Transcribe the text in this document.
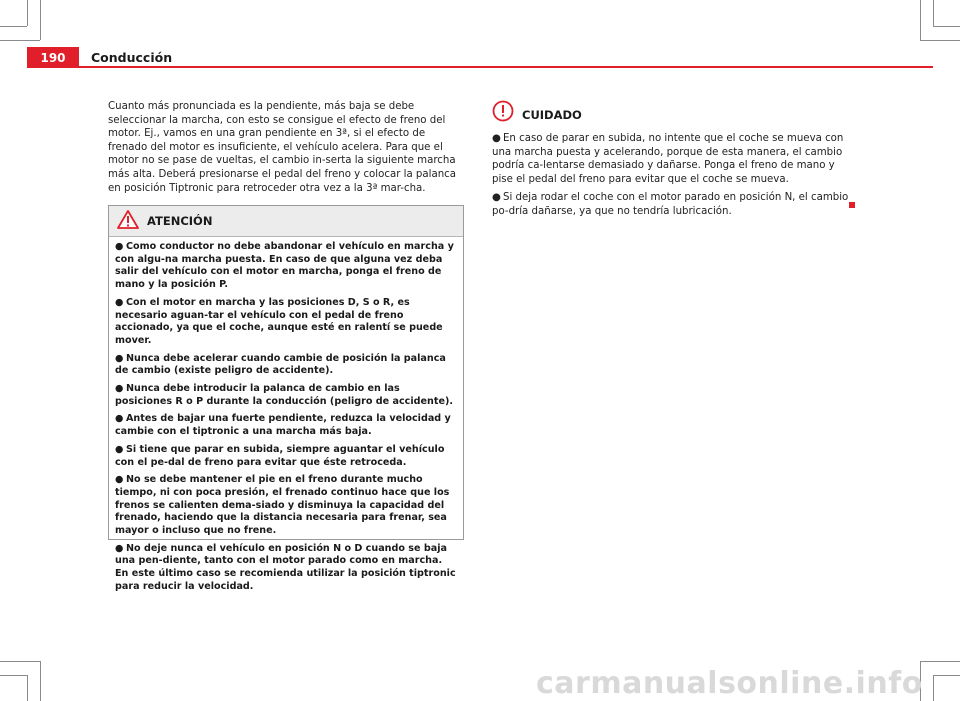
190	Conducción

Cuanto más pronunciada es la pendiente, más baja se debe seleccionar la marcha, con esto se consigue el efecto de freno del motor. Ej., vamos en una gran pendiente en 3ª, si el efecto de frenado del motor es insuficiente, el vehículo acelera. Para que el motor no se pase de vueltas, el cambio in-serta la siguiente marcha más alta. Deberá presionarse el pedal del freno y colocar la palanca en posición Tiptronic para retroceder otra vez a la 3ª mar-cha.

ATENCIÓN

● Como conductor no debe abandonar el vehículo en marcha y con algu-na marcha puesta. En caso de que alguna vez deba salir del vehículo con el motor en marcha, ponga el freno de mano y la posición P.

● Con el motor en marcha y las posiciones D, S o R, es necesario aguan-tar el vehículo con el pedal de freno accionado, ya que el coche, aunque esté en ralentí se puede mover.

● Nunca debe acelerar cuando cambie de posición la palanca de cambio (existe peligro de accidente).

● Nunca debe introducir la palanca de cambio en las posiciones R o P durante la conducción (peligro de accidente).

● Antes de bajar una fuerte pendiente, reduzca la velocidad y cambie con el tiptronic a una marcha más baja.

● Si tiene que parar en subida, siempre aguantar el vehículo con el pe-dal de freno para evitar que éste retroceda.

● No se debe mantener el pie en el freno durante mucho tiempo, ni con poca presión, el frenado continuo hace que los frenos se calienten dema-siado y disminuya la capacidad del frenado, haciendo que la distancia necesaria para frenar, sea mayor o incluso que no frene.

● No deje nunca el vehículo en posición N o D cuando se baja una pen-diente, tanto con el motor parado como en marcha. En este último caso se recomienda utilizar la posición tiptronic para reducir la velocidad.

CUIDADO

● En caso de parar en subida, no intente que el coche se mueva con una marcha puesta y acelerando, porque de esta manera, el cambio podría ca-lentarse demasiado y dañarse. Ponga el freno de mano y pise el pedal del freno para evitar que el coche se mueva.

● Si deja rodar el coche con el motor parado en posición N, el cambio po-dría dañarse, ya que no tendría lubricación.

carmanualsonline.info
